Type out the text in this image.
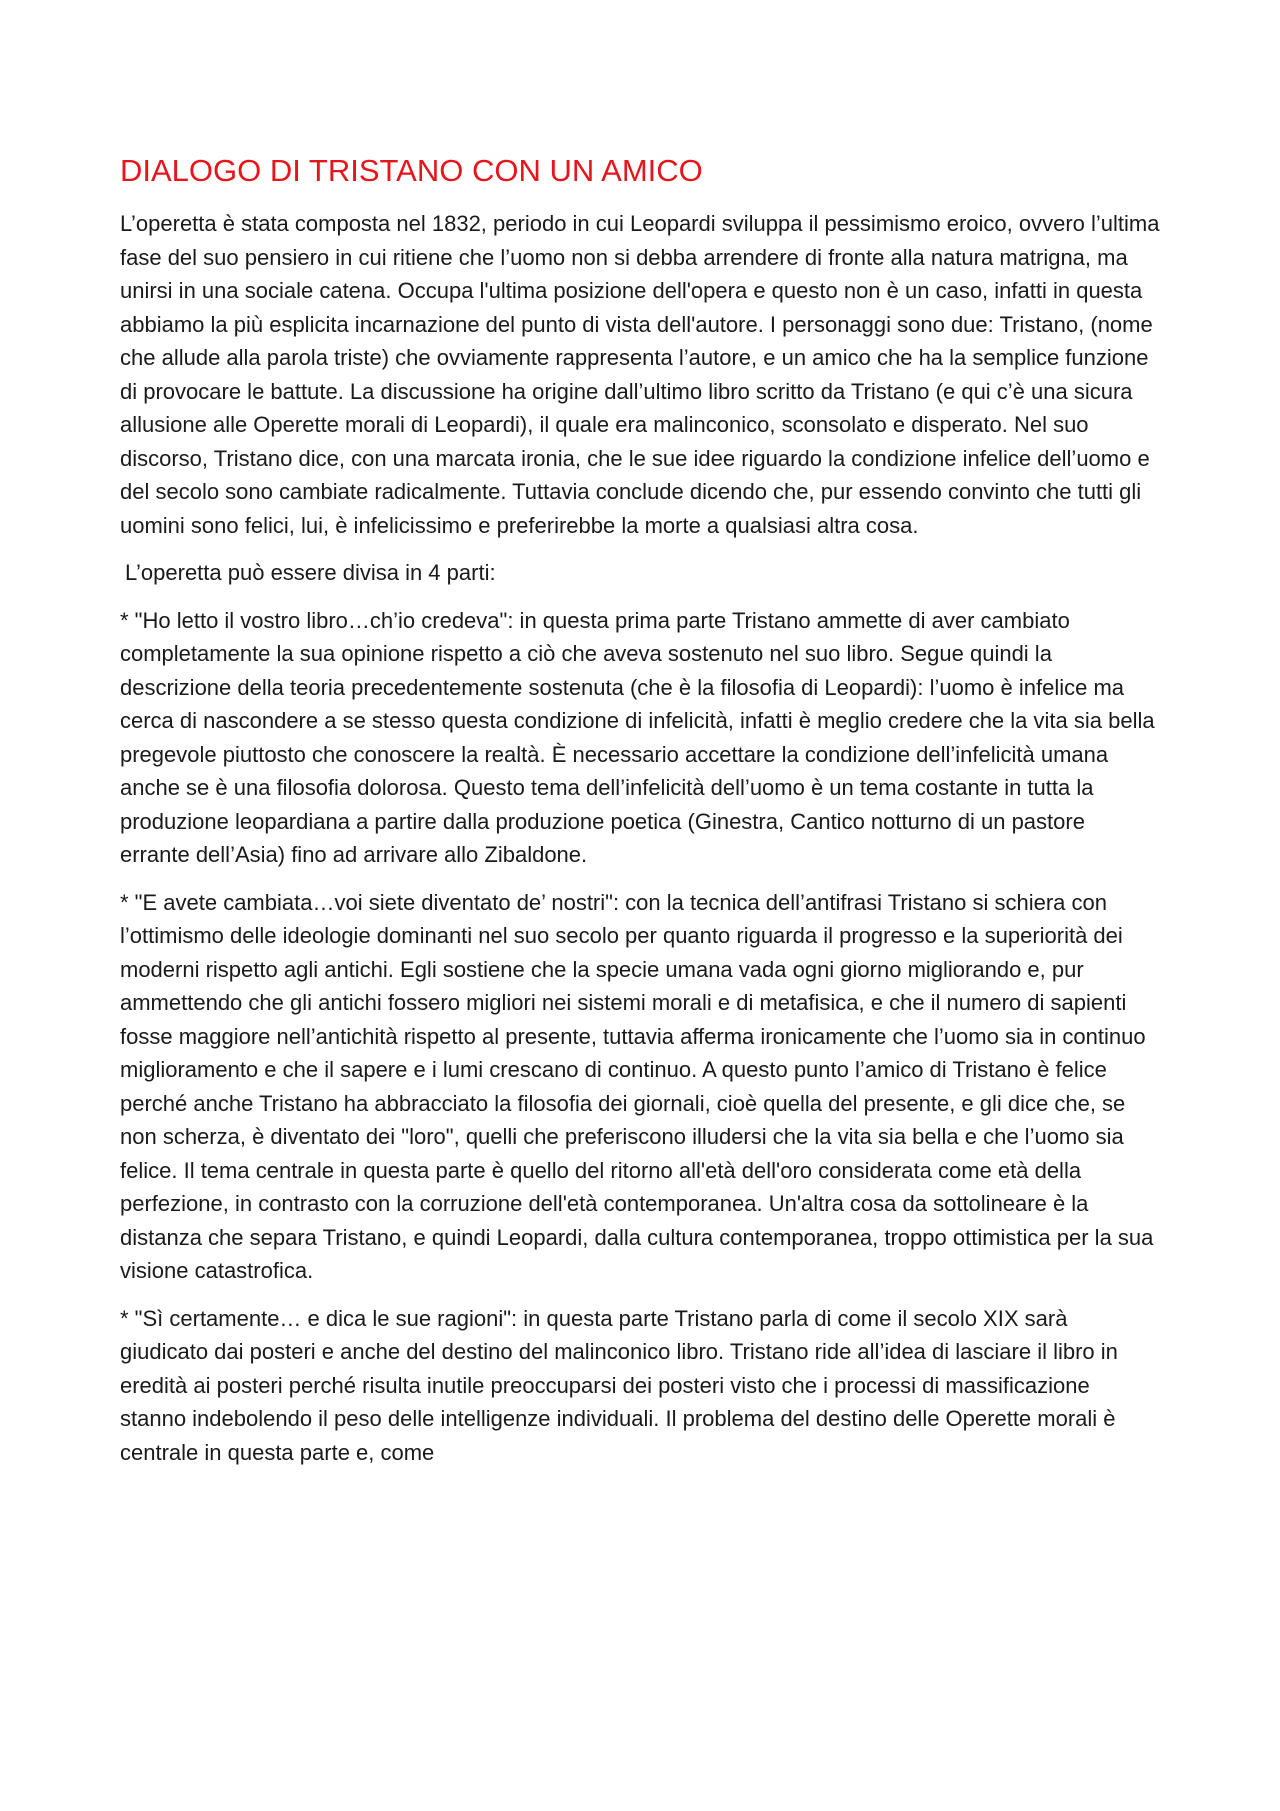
DIALOGO DI TRISTANO CON UN AMICO

L’operetta è stata composta nel 1832, periodo in cui Leopardi sviluppa il pessimismo eroico, ovvero l’ultima fase del suo pensiero in cui ritiene che l’uomo non si debba arrendere di fronte alla natura matrigna, ma unirsi in una sociale catena. Occupa l'ultima posizione dell'opera e questo non è un caso, infatti in questa abbiamo la più esplicita incarnazione del punto di vista dell'autore. I personaggi sono due: Tristano, (nome che allude alla parola triste) che ovviamente rappresenta l’autore, e un amico che ha la semplice funzione di provocare le battute. La discussione ha origine dall’ultimo libro scritto da Tristano (e qui c’è una sicura allusione alle Operette morali di Leopardi), il quale era malinconico, sconsolato e disperato. Nel suo discorso, Tristano dice, con una marcata ironia, che le sue idee riguardo la condizione infelice dell’uomo e del secolo sono cambiate radicalmente. Tuttavia conclude dicendo che, pur essendo convinto che tutti gli uomini sono felici, lui, è infelicissimo e preferirebbe la morte a qualsiasi altra cosa.

L’operetta può essere divisa in 4 parti:

* "Ho letto il vostro libro…ch’io credeva": in questa prima parte Tristano ammette di aver cambiato completamente la sua opinione rispetto a ciò che aveva sostenuto nel suo libro. Segue quindi la descrizione della teoria precedentemente sostenuta (che è la filosofia di Leopardi): l’uomo è infelice ma cerca di nascondere a se stesso questa condizione di infelicità, infatti è meglio credere che la vita sia bella pregevole piuttosto che conoscere la realtà. È necessario accettare la condizione dell’infelicità umana anche se è una filosofia dolorosa. Questo tema dell’infelicità dell’uomo è un tema costante in tutta la produzione leopardiana a partire dalla produzione poetica (Ginestra, Cantico notturno di un pastore errante dell’Asia) fino ad arrivare allo Zibaldone.

* "E avete cambiata…voi siete diventato de’ nostri": con la tecnica dell’antifrasi Tristano si schiera con l’ottimismo delle ideologie dominanti nel suo secolo per quanto riguarda il progresso e la superiorità dei moderni rispetto agli antichi. Egli sostiene che la specie umana vada ogni giorno migliorando e, pur ammettendo che gli antichi fossero migliori nei sistemi morali e di metafisica, e che il numero di sapienti fosse maggiore nell’antichità rispetto al presente, tuttavia afferma ironicamente che l’uomo sia in continuo miglioramento e che il sapere e i lumi crescano di continuo. A questo punto l’amico di Tristano è felice perché anche Tristano ha abbracciato la filosofia dei giornali, cioè quella del presente, e gli dice che, se non scherza, è diventato dei "loro", quelli che preferiscono illudersi che la vita sia bella e che l’uomo sia felice. Il tema centrale in questa parte è quello del ritorno all'età dell'oro considerata come età della perfezione, in contrasto con la corruzione dell'età contemporanea. Un'altra cosa da sottolineare è la distanza che separa Tristano, e quindi Leopardi, dalla cultura contemporanea, troppo ottimistica per la sua visione catastrofica.

* "Sì certamente… e dica le sue ragioni": in questa parte Tristano parla di come il secolo XIX sarà giudicato dai posteri e anche del destino del malinconico libro. Tristano ride all’idea di lasciare il libro in eredità ai posteri perché risulta inutile preoccuparsi dei posteri visto che i processi di massificazione stanno indebolendo il peso delle intelligenze individuali. Il problema del destino delle Operette morali è centrale in questa parte e, come
